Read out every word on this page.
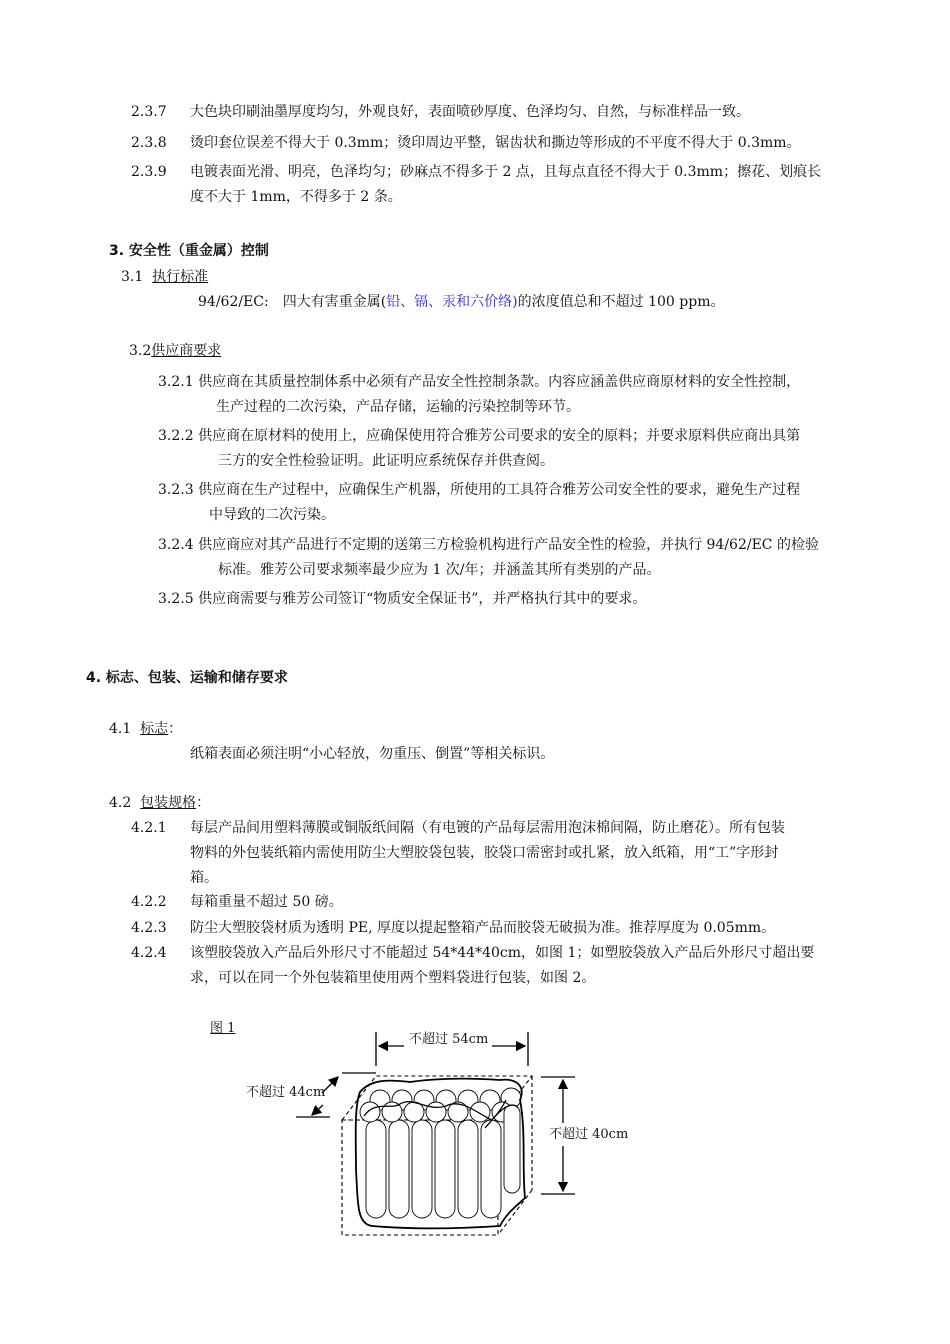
2.3.7 大色块印刷油墨厚度均匀，外观良好，表面喷砂厚度、色泽均匀、自然，与标准样品一致。
2.3.8 烫印套位误差不得大于 0.3mm；烫印周边平整，锯齿状和撕边等形成的不平度不得大于 0.3mm。
2.3.9 电镀表面光滑、明亮，色泽均匀；砂麻点不得多于 2 点，且每点直径不得大于 0.3mm；擦花、划痕长
度不大于 1mm，不得多于 2 条。
3. 安全性（重金属）控制
3.1 执行标准
94/62/EC:　四大有害重金属(铅、镉、汞和六价络)的浓度值总和不超过 100 ppm。
3.2供应商要求
3.2.1 供应商在其质量控制体系中必须有产品安全性控制条款。内容应涵盖供应商原材料的安全性控制，
生产过程的二次污染，产品存储，运输的污染控制等环节。
3.2.2 供应商在原材料的使用上，应确保使用符合雅芳公司要求的安全的原料；并要求原料供应商出具第
三方的安全性检验证明。此证明应系统保存并供查阅。
3.2.3 供应商在生产过程中，应确保生产机器，所使用的工具符合雅芳公司安全性的要求，避免生产过程
中导致的二次污染。
3.2.4 供应商应对其产品进行不定期的送第三方检验机构进行产品安全性的检验，并执行 94/62/EC 的检验
标准。雅芳公司要求频率最少应为 1 次/年；并涵盖其所有类别的产品。
3.2.5 供应商需要与雅芳公司签订“物质安全保证书”，并严格执行其中的要求。
4. 标志、包装、运输和储存要求
4.1 标志：
纸箱表面必须注明“小心轻放，勿重压、倒置”等相关标识。
4.2 包装规格：
4.2.1 每层产品间用塑料薄膜或铜版纸间隔（有电镀的产品每层需用泡沫棉间隔，防止磨花）。所有包装
物料的外包装纸箱内需使用防尘大塑胶袋包装，胶袋口需密封或扎紧，放入纸箱，用“工”字形封
箱。
4.2.2 每箱重量不超过 50 磅。
4.2.3 防尘大塑胶袋材质为透明 PE, 厚度以提起整箱产品而胶袋无破损为准。推荐厚度为 0.05mm。
4.2.4 该塑胶袋放入产品后外形尺寸不能超过 54*44*40cm，如图 1；如塑胶袋放入产品后外形尺寸超出要
求，可以在同一个外包装箱里使用两个塑料袋进行包装，如图 2。
图 1
不超过 54cm
不超过 44cm
不超过 40cm
